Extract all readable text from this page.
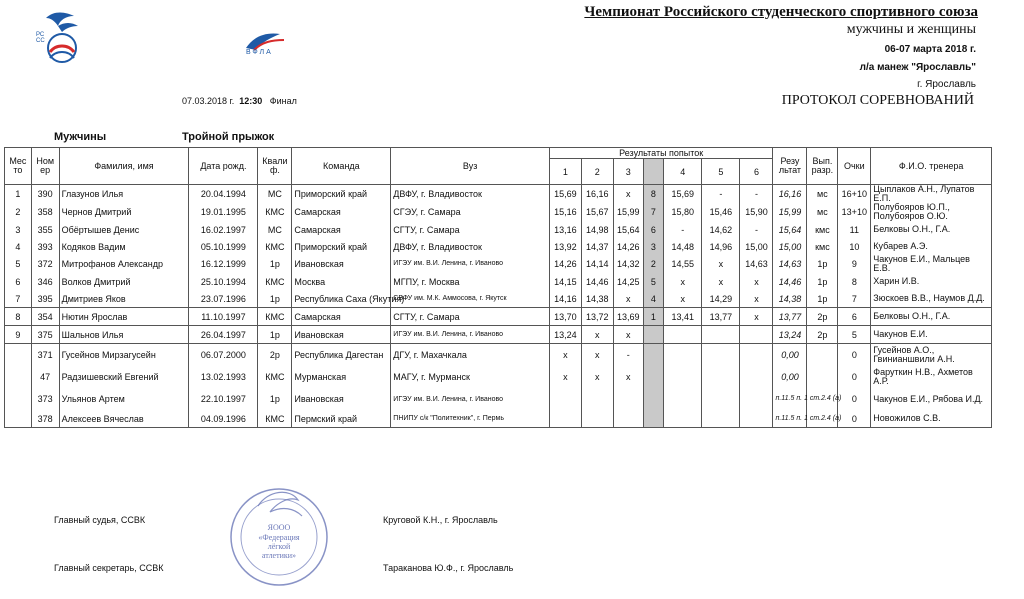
РССС
ВФЛА
Чемпионат Российского студенческого спортивного союза
мужчины и женщины
06-07 марта 2018 г.
л/а манеж "Ярославль"
г. Ярославль
ПРОТОКОЛ СОРЕВНОВАНИЙ
07.03.2018 г. 12:30 Финал
Мужчины	Тройной прыжок
Мес то	Ном ер	Фамилия, имя	Дата рожд.	Квали ф.	Команда	Вуз	Результаты попыток							Резу льтат	Вып. разр.	Очки	Ф.И.О. тренера
							1	2	3		4	5	6				
1	390	Глазунов Илья	20.04.1994	МС	Приморский край	ДВФУ, г. Владивосток	15,69	16,16	x	8	15,69	-	-	16,16	мс	16+10	Цыплаков А.Н., Лупатов Е.П.
2	358	Чернов Дмитрий	19.01.1995	КМС	Самарская	СГЭУ, г. Самара	15,16	15,67	15,99	7	15,80	15,46	15,90	15,99	мс	13+10	Полубояров Ю.П., Полубояров О.Ю.
3	355	Обёртышев Денис	16.02.1997	МС	Самарская	СГТУ, г. Самара	13,16	14,98	15,64	6	-	14,62	-	15,64	кмс	11	Белковы О.Н., Г.А.
4	393	Кодяков Вадим	05.10.1999	КМС	Приморский край	ДВФУ, г. Владивосток	13,92	14,37	14,26	3	14,48	14,96	15,00	15,00	кмс	10	Кубарев А.Э.
5	372	Митрофанов Александр	16.12.1999	1р	Ивановская	ИГЭУ им. В.И. Ленина, г. Иваново	14,26	14,14	14,32	2	14,55	x	14,63	14,63	1р	9	Чакунов Е.И., Мальцев Е.В.
6	346	Волков Дмитрий	25.10.1994	КМС	Москва	МГПУ, г. Москва	14,15	14,46	14,25	5	x	x	x	14,46	1р	8	Харин И.В.
7	395	Дмитриев Яков	23.07.1996	1р	Республика Саха (Якутия)	СВФУ им. М.К. Аммосова, г. Якутск	14,16	14,38	x	4	x	14,29	x	14,38	1р	7	Зюскоев В.В., Наумов Д.Д.
8	354	Нютин Ярослав	11.10.1997	КМС	Самарская	СГТУ, г. Самара	13,70	13,72	13,69	1	13,41	13,77	x	13,77	2р	6	Белковы О.Н., Г.А.
9	375	Шальнов Илья	26.04.1997	1р	Ивановская	ИГЭУ им. В.И. Ленина, г. Иваново	13,24	x	x					13,24	2р	5	Чакунов Е.И.
	371	Гусейнов Мирзагусейн	06.07.2000	2р	Республика Дагестан	ДГУ, г. Махачкала	x	x	-					0,00		0	Гусейнов А.О., Гвинианшвили А.Н.
	47	Радзишевский Евгений	13.02.1993	КМС	Мурманская	МАГУ, г. Мурманск	x	x	x					0,00		0	Фаруткин Н.В., Ахметов А.Р.
	373	Ульянов Артем	22.10.1997	1р	Ивановская	ИГЭУ им. В.И. Ленина, г. Иваново								п.11.5 п. 1 ст.2.4 (а)		0	Чакунов Е.И., Рябова И.Д.
	378	Алексеев Вячеслав	04.09.1996	КМС	Пермский край	ПНИПУ с/к "Политехник", г. Пермь								п.11.5 п. 1 ст.2.4 (а)		0	Новожилов С.В.
Главный судья, ССВК	Круговой К.Н., г. Ярославль
Главный секретарь, ССВК	Тараканова Ю.Ф., г. Ярославль
ЯООО
«Федерация
лёгкой
атлетики»
